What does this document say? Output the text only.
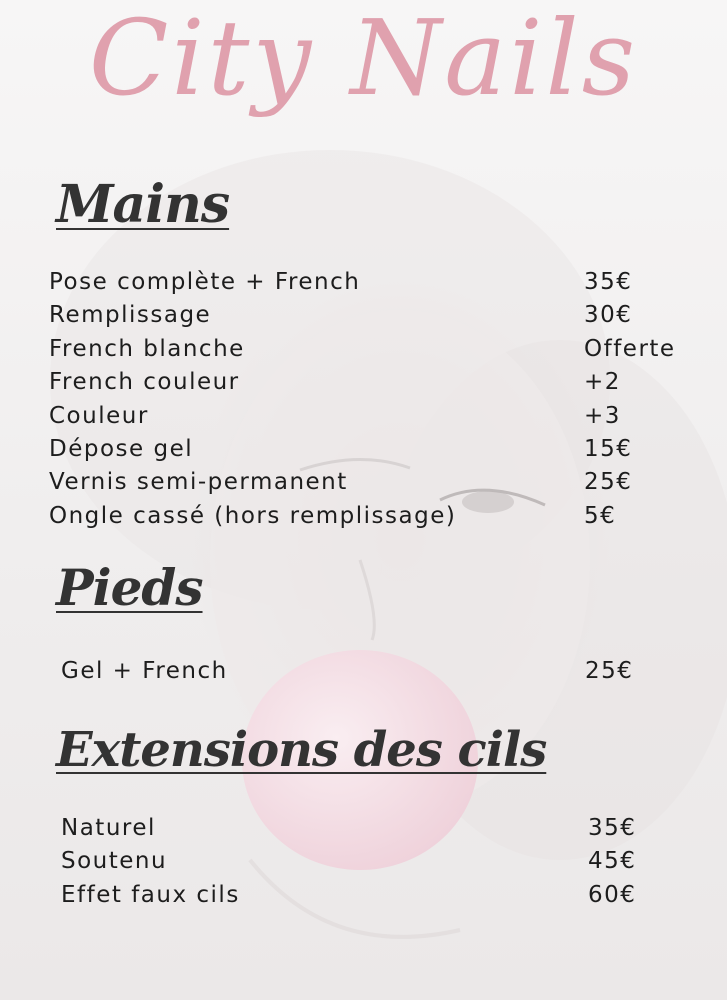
City Nails
Mains
Pose complète + French	35€
Remplissage	30€
French blanche	Offerte
French couleur	+2
Couleur	+3
Dépose gel	15€
Vernis semi-permanent	25€
Ongle cassé (hors remplissage)	5€
Pieds
Gel + French	25€
Extensions des cils
Naturel	35€
Soutenu	45€
Effet faux cils	60€
